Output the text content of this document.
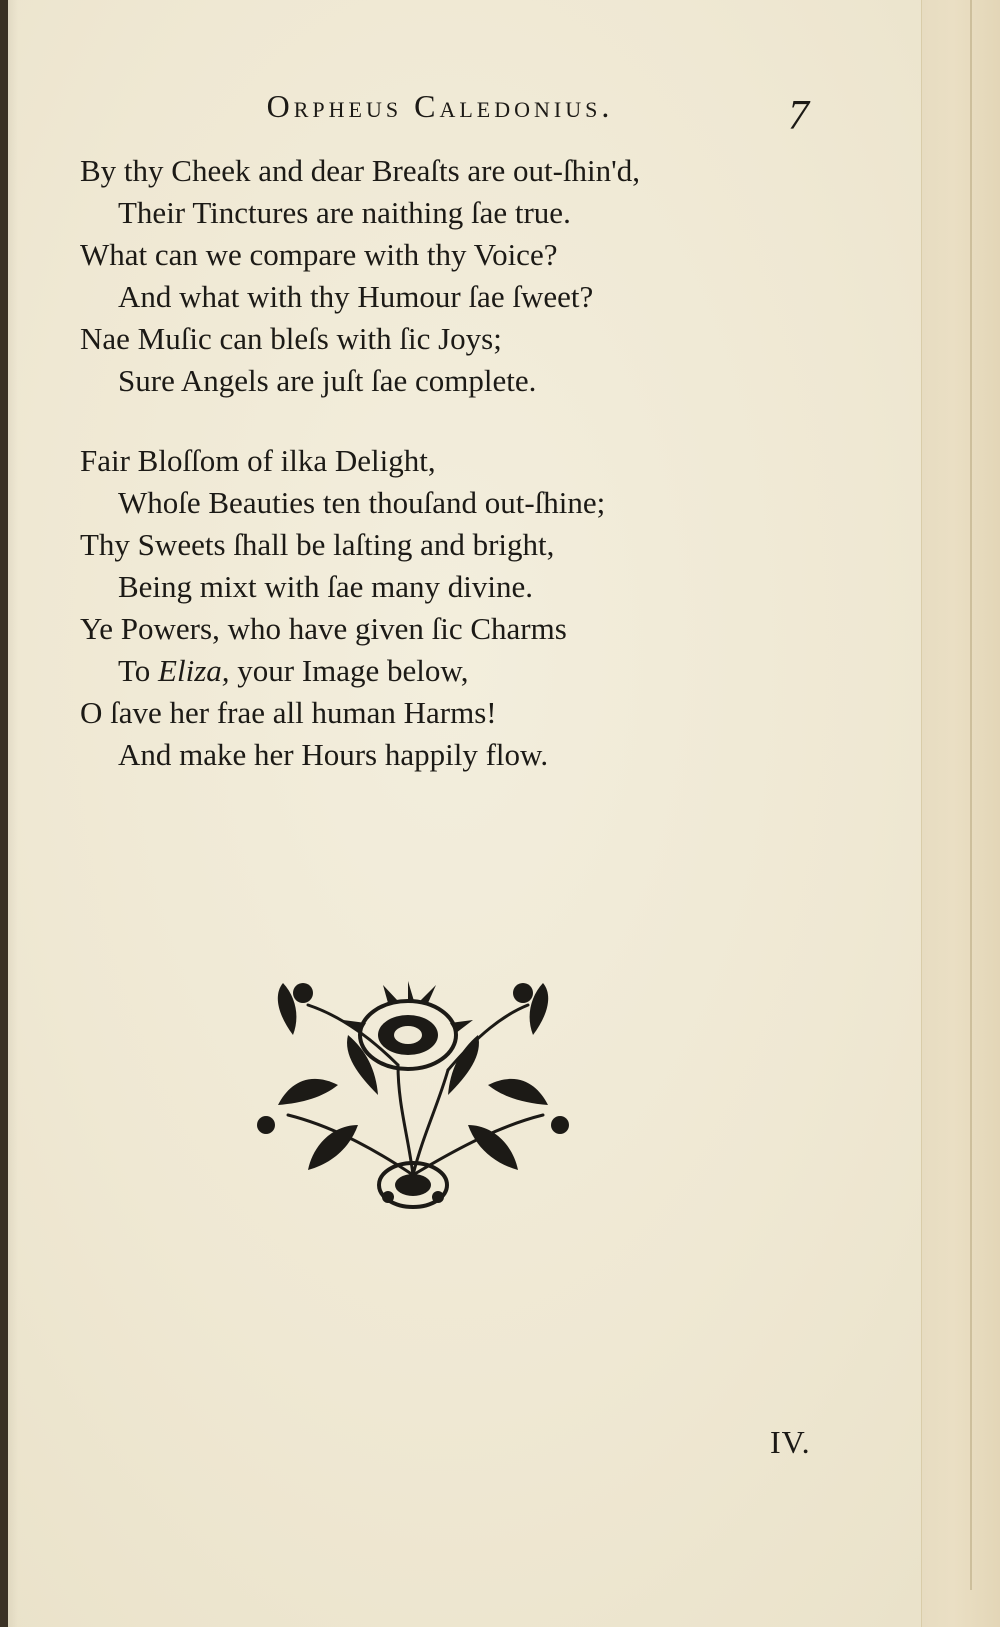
Orpheus Caledonius.	7
By thy Cheek and dear Breaſts are out-ſhin'd,
Their Tinctures are naithing ſae true.
What can we compare with thy Voice?
And what with thy Humour ſae ſweet?
Nae Muſic can bleſs with ſic Joys;
Sure Angels are juſt ſae complete.
Fair Bloſſom of ilka Delight,
Whoſe Beauties ten thouſand out-ſhine;
Thy Sweets ſhall be laſting and bright,
Being mixt with ſae many divine.
Ye Powers, who have given ſic Charms
To Eliza, your Image below,
O ſave her frae all human Harms!
And make her Hours happily flow.
IV.
